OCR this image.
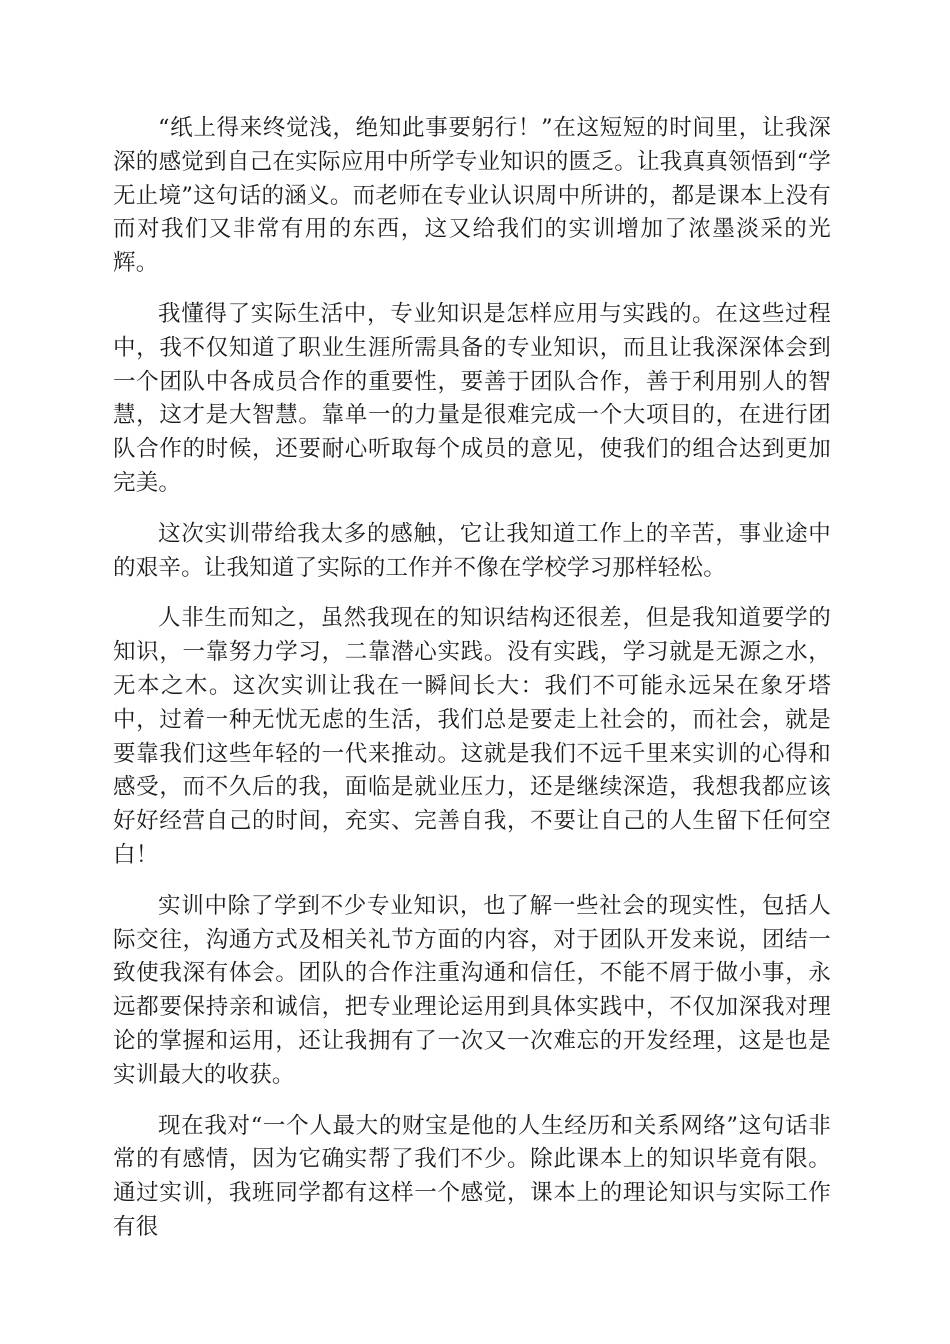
“纸上得来终觉浅，绝知此事要躬行！”在这短短的时间里，让我深深的感觉到自己在实际应用中所学专业知识的匮乏。让我真真领悟到“学无止境”这句话的涵义。而老师在专业认识周中所讲的，都是课本上没有而对我们又非常有用的东西，这又给我们的实训增加了浓墨淡采的光辉。

我懂得了实际生活中，专业知识是怎样应用与实践的。在这些过程中，我不仅知道了职业生涯所需具备的专业知识，而且让我深深体会到一个团队中各成员合作的重要性，要善于团队合作，善于利用别人的智慧，这才是大智慧。靠单一的力量是很难完成一个大项目的，在进行团队合作的时候，还要耐心听取每个成员的意见，使我们的组合达到更加完美。

这次实训带给我太多的感触，它让我知道工作上的辛苦，事业途中的艰辛。让我知道了实际的工作并不像在学校学习那样轻松。

人非生而知之，虽然我现在的知识结构还很差，但是我知道要学的知识，一靠努力学习，二靠潜心实践。没有实践，学习就是无源之水，无本之木。这次实训让我在一瞬间长大：我们不可能永远呆在象牙塔中，过着一种无忧无虑的生活，我们总是要走上社会的，而社会，就是要靠我们这些年轻的一代来推动。这就是我们不远千里来实训的心得和感受，而不久后的我，面临是就业压力，还是继续深造，我想我都应该好好经营自己的时间，充实、完善自我，不要让自己的人生留下任何空白！

实训中除了学到不少专业知识，也了解一些社会的现实性，包括人际交往，沟通方式及相关礼节方面的内容，对于团队开发来说，团结一致使我深有体会。团队的合作注重沟通和信任，不能不屑于做小事，永远都要保持亲和诚信，把专业理论运用到具体实践中，不仅加深我对理论的掌握和运用，还让我拥有了一次又一次难忘的开发经理，这是也是实训最大的收获。

现在我对“一个人最大的财宝是他的人生经历和关系网络”这句话非常的有感情，因为它确实帮了我们不少。除此课本上的知识毕竟有限。通过实训，我班同学都有这样一个感觉，课本上的理论知识与实际工作有很
